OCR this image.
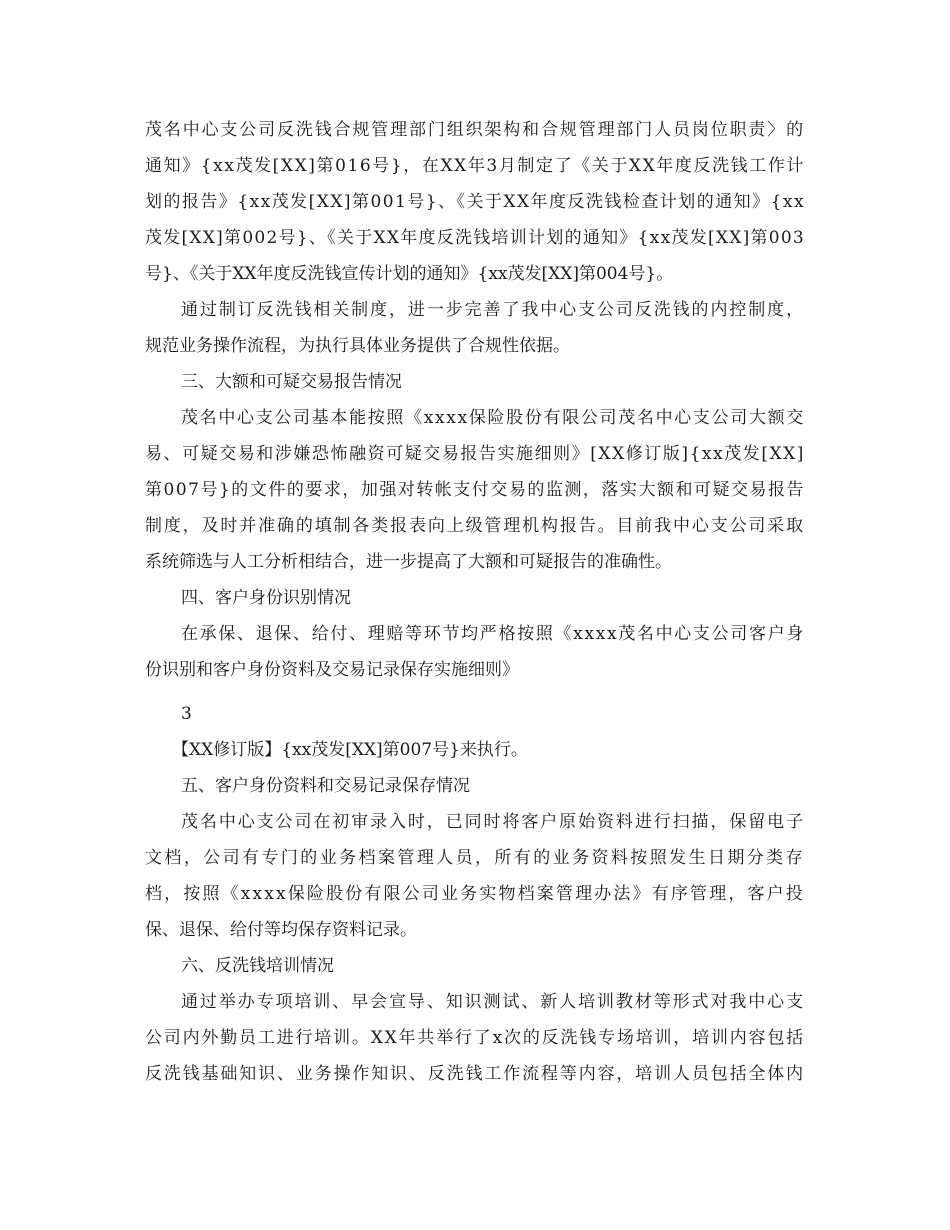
茂名中心支公司反洗钱合规管理部门组织架构和合规管理部门人员岗位职责〉的
通知》{xx茂发[XX]第016号}，在XX年3月制定了《关于XX年度反洗钱工作计
划的报告》{xx茂发[XX]第001号}、《关于XX年度反洗钱检查计划的通知》{xx
茂发[XX]第002号}、《关于XX年度反洗钱培训计划的通知》{xx茂发[XX]第003
号}、《关于XX年度反洗钱宣传计划的通知》{xx茂发[XX]第004号}。
通过制订反洗钱相关制度，进一步完善了我中心支公司反洗钱的内控制度，
规范业务操作流程，为执行具体业务提供了合规性依据。
三、大额和可疑交易报告情况
茂名中心支公司基本能按照《xxxx保险股份有限公司茂名中心支公司大额交
易、可疑交易和涉嫌恐怖融资可疑交易报告实施细则》[XX修订版]{xx茂发[XX]
第007号}的文件的要求，加强对转帐支付交易的监测，落实大额和可疑交易报告
制度，及时并准确的填制各类报表向上级管理机构报告。目前我中心支公司采取
系统筛选与人工分析相结合，进一步提高了大额和可疑报告的准确性。
四、客户身份识别情况
在承保、退保、给付、理赔等环节均严格按照《xxxx茂名中心支公司客户身
份识别和客户身份资料及交易记录保存实施细则》
3
【XX修订版】{xx茂发[XX]第007号}来执行。
五、客户身份资料和交易记录保存情况
茂名中心支公司在初审录入时，已同时将客户原始资料进行扫描，保留电子
文档，公司有专门的业务档案管理人员，所有的业务资料按照发生日期分类存
档，按照《xxxx保险股份有限公司业务实物档案管理办法》有序管理，客户投
保、退保、给付等均保存资料记录。
六、反洗钱培训情况
通过举办专项培训、早会宣导、知识测试、新人培训教材等形式对我中心支
公司内外勤员工进行培训。XX年共举行了x次的反洗钱专场培训，培训内容包括
反洗钱基础知识、业务操作知识、反洗钱工作流程等内容，培训人员包括全体内
